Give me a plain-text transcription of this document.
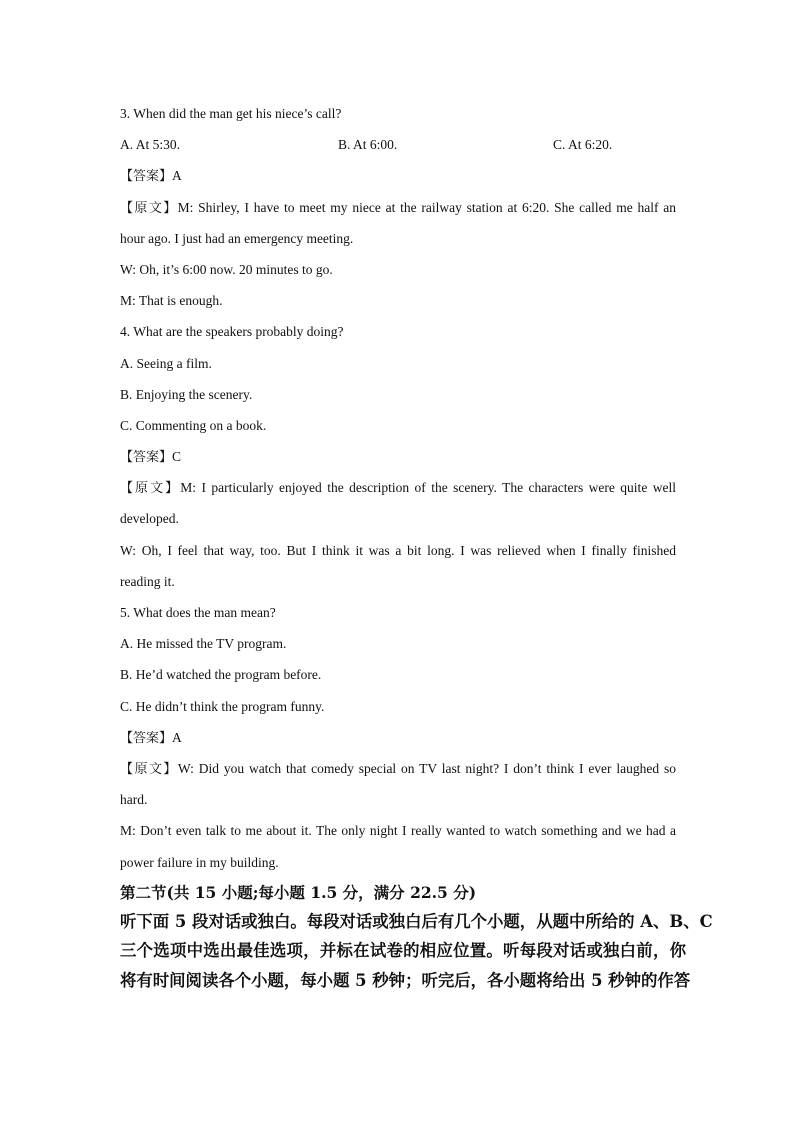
3. When did the man get his niece’s call?
A. At 5:30.	B. At 6:00.	C. At 6:20.
【答案】A
【原文】M: Shirley, I have to meet my niece at the railway station at 6:20. She called me half an
hour ago. I just had an emergency meeting.
W: Oh, it’s 6:00 now. 20 minutes to go.
M: That is enough.
4. What are the speakers probably doing?
A. Seeing a film.
B. Enjoying the scenery.
C. Commenting on a book.
【答案】C
【原文】M: I particularly enjoyed the description of the scenery. The characters were quite well
developed.
W: Oh, I feel that way, too. But I think it was a bit long. I was relieved when I finally finished
reading it.
5. What does the man mean?
A. He missed the TV program.
B. He’d watched the program before.
C. He didn’t think the program funny.
【答案】A
【原文】W: Did you watch that comedy special on TV last night? I don’t think I ever laughed so
hard.
M: Don’t even talk to me about it. The only night I really wanted to watch something and we had a
power failure in my building.
第二节(共 15 小题;每小题 1.5 分，满分 22.5 分)
听下面 5 段对话或独白。每段对话或独白后有几个小题，从题中所给的 A、B、C
三个选项中选出最佳选项，并标在试卷的相应位置。听每段对话或独白前，你
将有时间阅读各个小题，每小题 5 秒钟；听完后，各小题将给出 5 秒钟的作答
